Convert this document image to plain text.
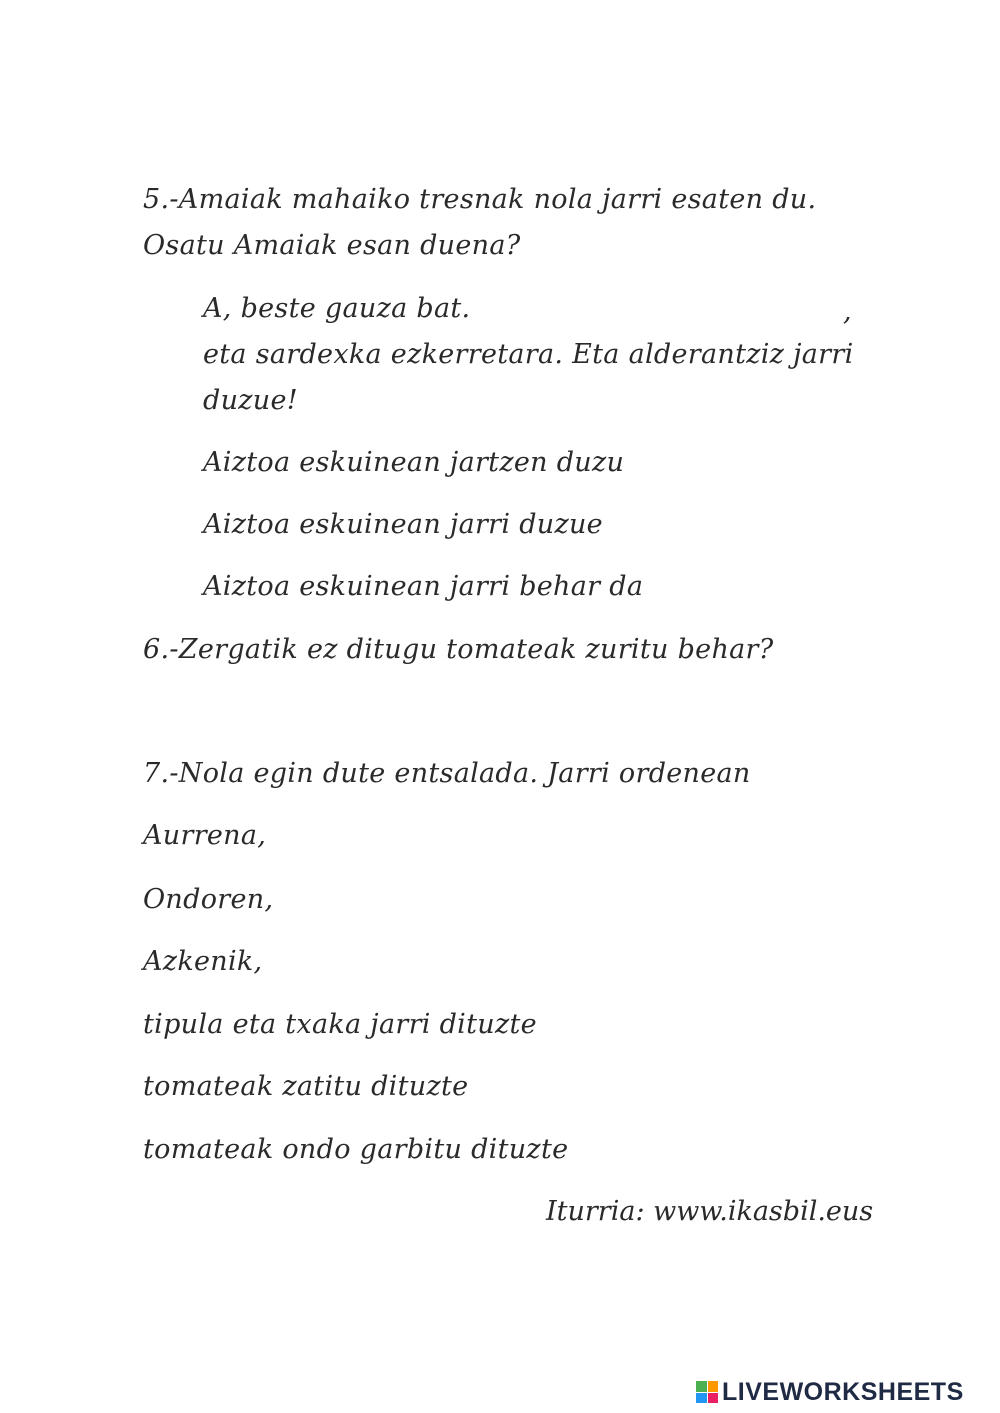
5.-Amaiak mahaiko tresnak nola jarri esaten du.
Osatu Amaiak esan duena?
A, beste gauza bat.	,
eta sardexka ezkerretara. Eta alderantziz jarri
duzue!
Aiztoa eskuinean jartzen duzu
Aiztoa eskuinean jarri duzue
Aiztoa eskuinean jarri behar da
6.-Zergatik ez ditugu tomateak zuritu behar?
7.-Nola egin dute entsalada. Jarri ordenean
Aurrena,
Ondoren,
Azkenik,
tipula eta txaka jarri dituzte
tomateak zatitu dituzte
tomateak ondo garbitu dituzte
Iturria: www.ikasbil.eus
LIVEWORKSHEETS
